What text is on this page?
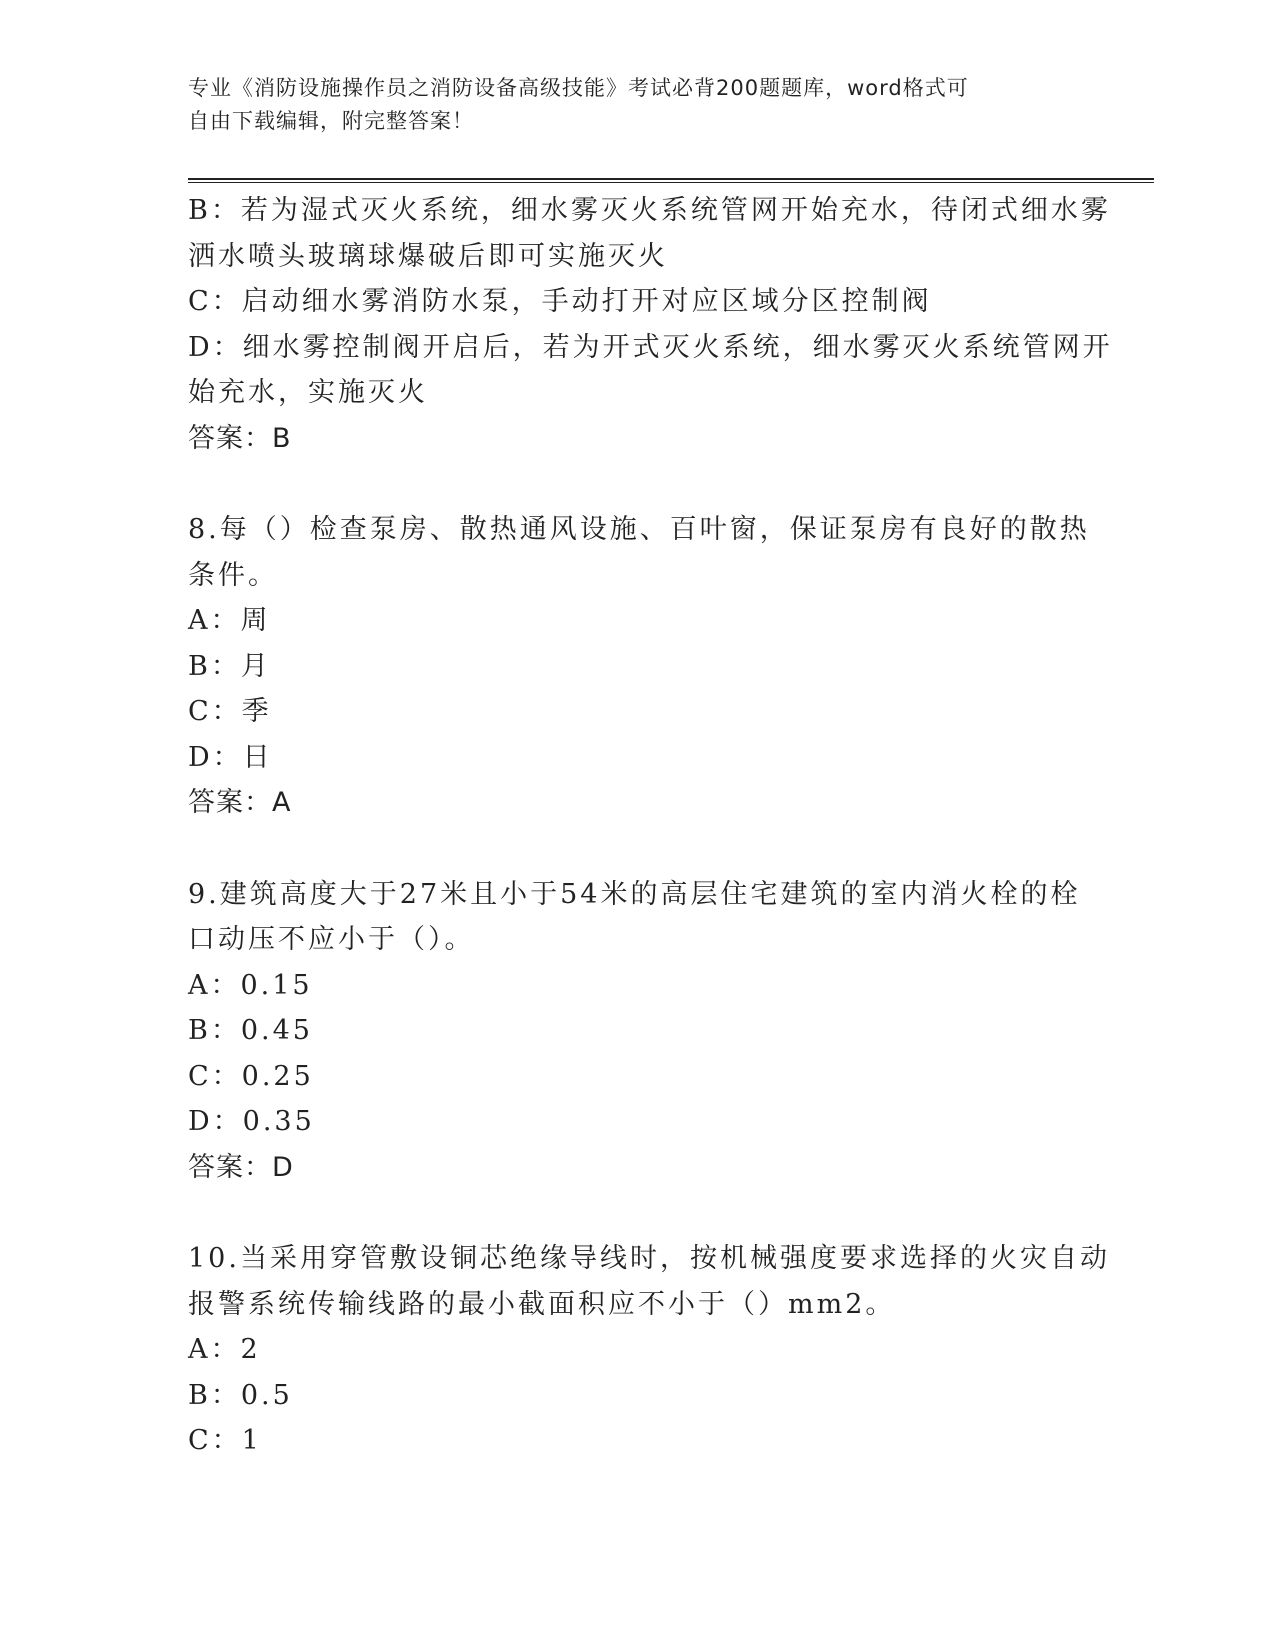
专业《消防设施操作员之消防设备高级技能》考试必背200题题库，word格式可
自由下载编辑，附完整答案！
B：若为湿式灭火系统，细水雾灭火系统管网开始充水，待闭式细水雾
洒水喷头玻璃球爆破后即可实施灭火
C：启动细水雾消防水泵，手动打开对应区域分区控制阀
D：细水雾控制阀开启后，若为开式灭火系统，细水雾灭火系统管网开
始充水，实施灭火
答案：B
8.每（）检查泵房、散热通风设施、百叶窗，保证泵房有良好的散热
条件。
A：周
B：月
C：季
D：日
答案：A
9.建筑高度大于27米且小于54米的高层住宅建筑的室内消火栓的栓
口动压不应小于（）。
A：0.15
B：0.45
C：0.25
D：0.35
答案：D
10.当采用穿管敷设铜芯绝缘导线时，按机械强度要求选择的火灾自动
报警系统传输线路的最小截面积应不小于（）mm2。
A：2
B：0.5
C：1
